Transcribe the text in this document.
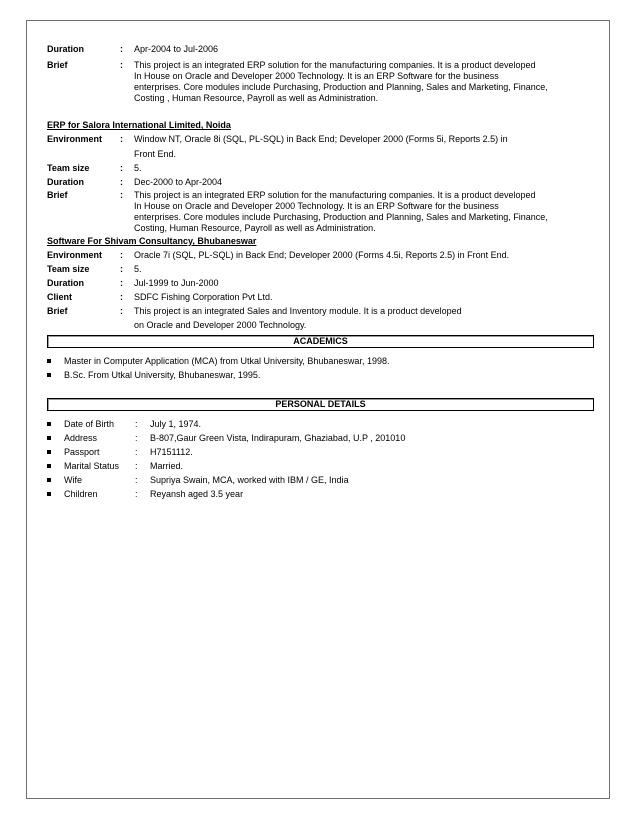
Duration	: Apr-2004 to Jul-2006
Brief	: This project is an integrated ERP solution for the manufacturing companies. It is a product developed
In House on Oracle and Developer 2000 Technology. It is an ERP Software for the business
enterprises. Core modules include Purchasing, Production and Planning, Sales and Marketing, Finance,
Costing , Human Resource, Payroll as well as Administration.
ERP for Salora International Limited, Noida
Environment : Window NT, Oracle 8i (SQL, PL-SQL) in Back End; Developer 2000 (Forms 5i, Reports 2.5) in
Front End.
Team size	: 5.
Duration	: Dec-2000 to Apr-2004
Brief	: This project is an integrated ERP solution for the manufacturing companies. It is a product developed
In House on Oracle and Developer 2000 Technology. It is an ERP Software for the business
enterprises. Core modules include Purchasing, Production and Planning, Sales and Marketing, Finance,
Costing, Human Resource, Payroll as well as Administration.
Software For Shivam Consultancy, Bhubaneswar
Environment : Oracle 7i (SQL, PL-SQL) in Back End; Developer 2000 (Forms 4.5i, Reports 2.5) in Front End.
Team size	: 5.
Duration	: Jul-1999 to Jun-2000
Client	: SDFC Fishing Corporation Pvt Ltd.
Brief	: This project is an integrated Sales and Inventory module. It is a product developed
on Oracle and Developer 2000 Technology.
ACADEMICS
Master in Computer Application (MCA) from Utkal University, Bhubaneswar, 1998.
B.Sc. From Utkal University, Bhubaneswar, 1995.
PERSONAL DETAILS
Date of Birth : July 1, 1974.
Address	: B-807,Gaur Green Vista, Indirapuram, Ghaziabad, U.P , 201010
Passport	: H7151112.
Marital Status : Married.
Wife	: Supriya Swain, MCA, worked with IBM / GE, India
Children	: Reyansh aged 3.5 year
